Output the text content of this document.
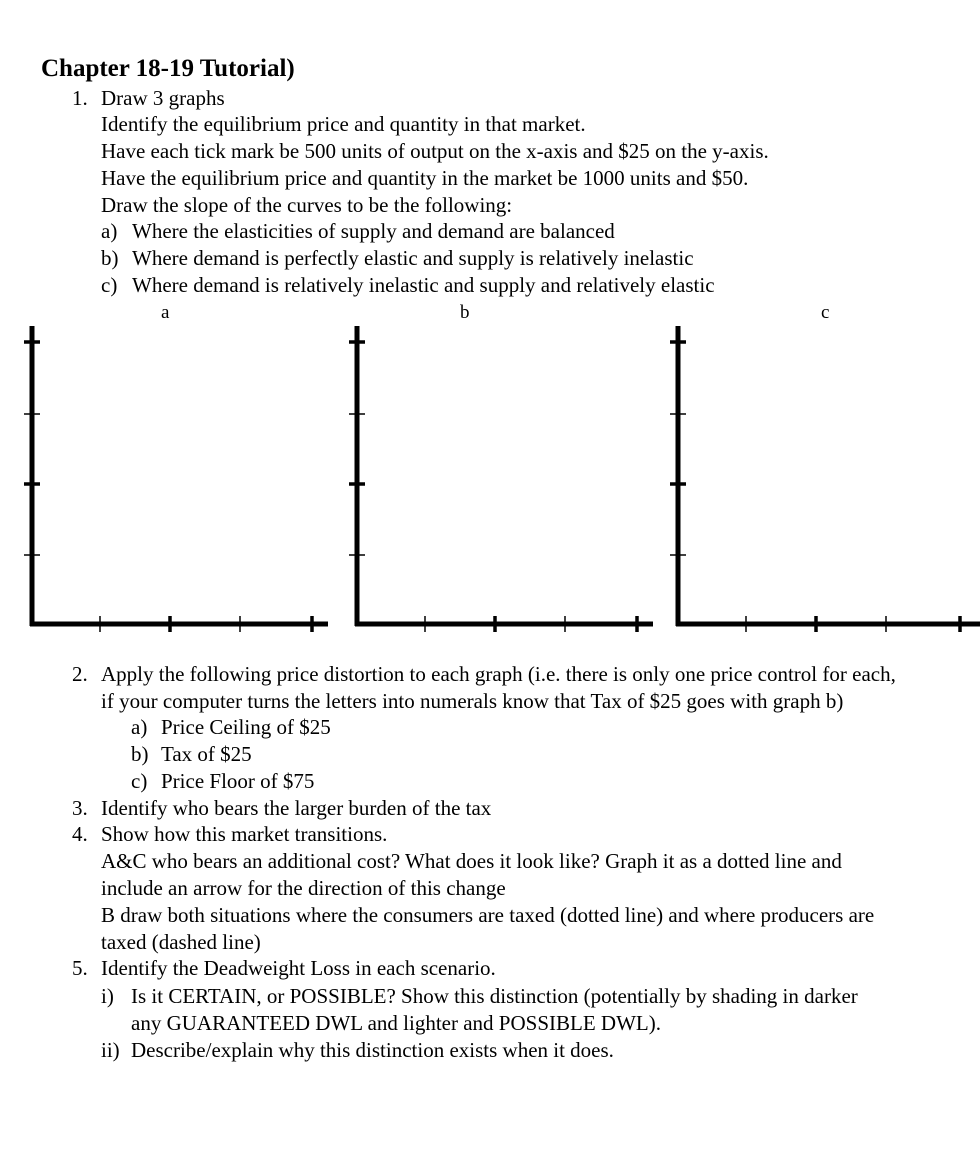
Chapter 18-19 Tutorial)
1. Draw 3 graphs
Identify the equilibrium price and quantity in that market.
Have each tick mark be 500 units of output on the x-axis and $25 on the y-axis.
Have the equilibrium price and quantity in the market be 1000 units and $50.
Draw the slope of the curves to be the following:
a) Where the elasticities of supply and demand are balanced
b) Where demand is perfectly elastic and supply is relatively inelastic
c) Where demand is relatively inelastic and supply and relatively elastic
a	b	c
2. Apply the following price distortion to each graph (i.e. there is only one price control for each,
if your computer turns the letters into numerals know that Tax of $25 goes with graph b)
a) Price Ceiling of $25
b) Tax of $25
c) Price Floor of $75
3. Identify who bears the larger burden of the tax
4. Show how this market transitions.
A&C who bears an additional cost? What does it look like? Graph it as a dotted line and
include an arrow for the direction of this change
B draw both situations where the consumers are taxed (dotted line) and where producers are
taxed (dashed line)
5. Identify the Deadweight Loss in each scenario.
i) Is it CERTAIN, or POSSIBLE? Show this distinction (potentially by shading in darker
any GUARANTEED DWL and lighter and POSSIBLE DWL).
ii) Describe/explain why this distinction exists when it does.
